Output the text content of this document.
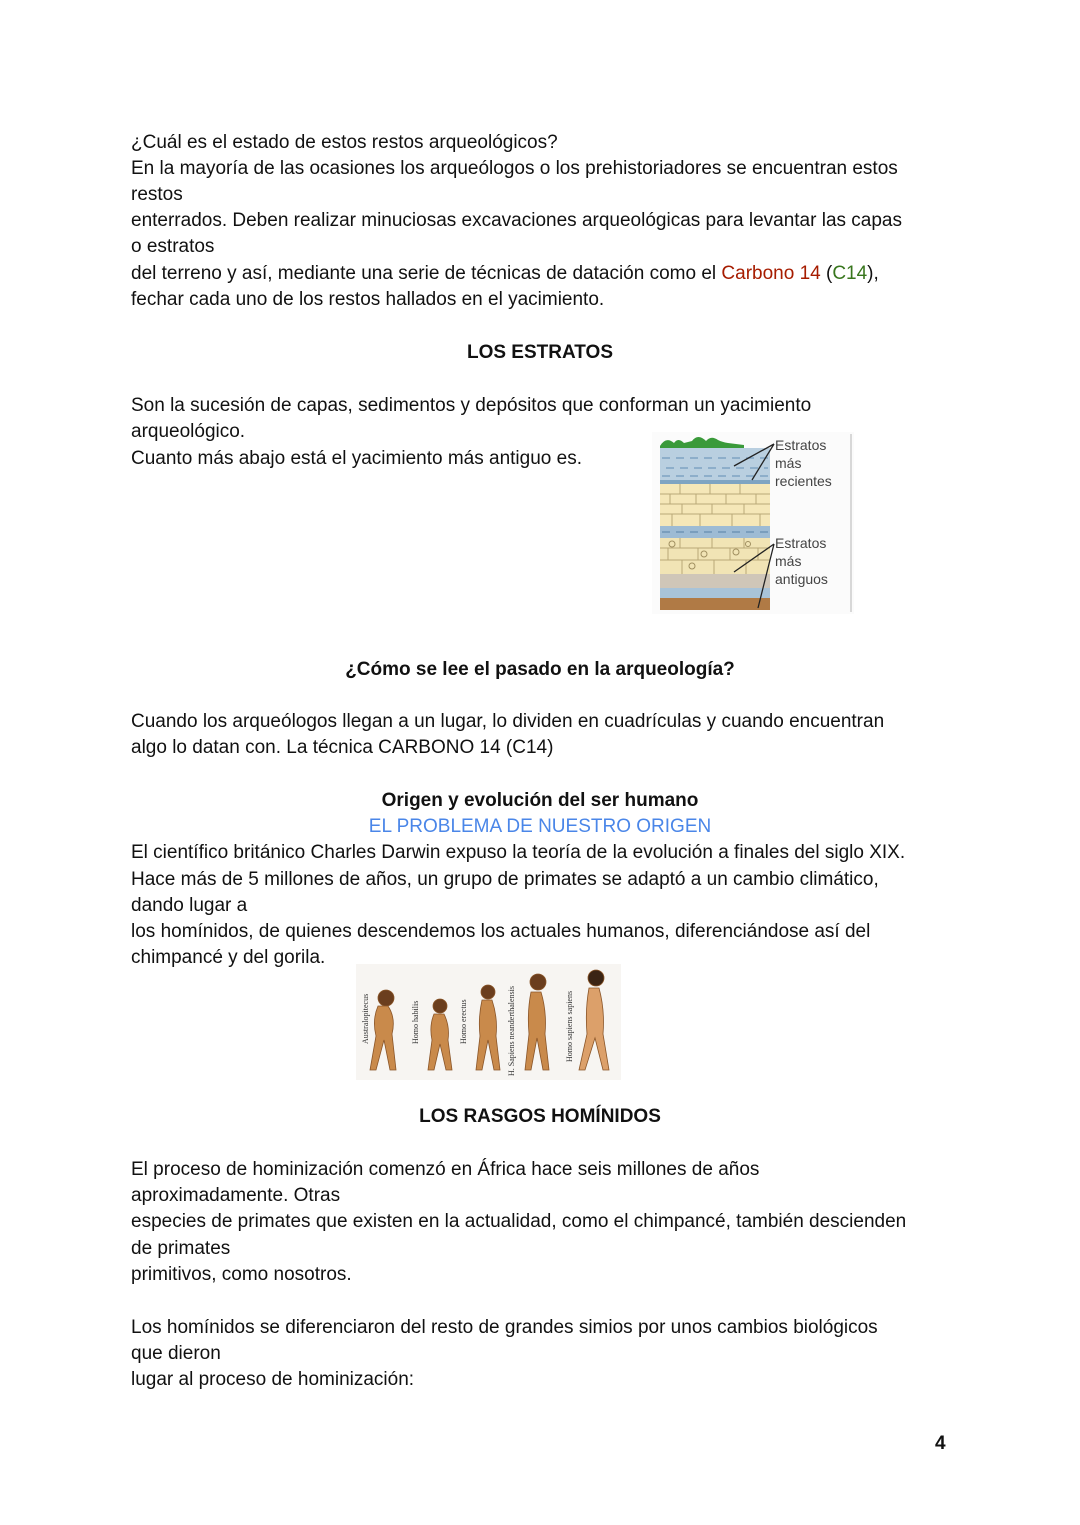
¿Cuál es el estado de estos restos arqueológicos?
En la mayoría de las ocasiones los arqueólogos o los prehistoriadores se encuentran estos
restos
enterrados. Deben realizar minuciosas excavaciones arqueológicas para levantar las capas
o estratos
del terreno y así, mediante una serie de técnicas de datación como el Carbono 14 (C14),
fechar cada uno de los restos hallados en el yacimiento.
LOS ESTRATOS
Son la sucesión de capas, sedimentos y depósitos que conforman un yacimiento
arqueológico.
Cuanto más abajo está el yacimiento más antiguo es.
Estratos
más
recientes
Estratos
más
antiguos
¿Cómo se lee el pasado en la arqueología?
Cuando los arqueólogos llegan a un lugar, lo dividen en cuadrículas y cuando encuentran
algo lo datan con. La técnica CARBONO 14 (C14)
Origen y evolución del ser humano
EL PROBLEMA DE NUESTRO ORIGEN
El científico británico Charles Darwin expuso la teoría de la evolución a finales del siglo XIX.
Hace más de 5 millones de años, un grupo de primates se adaptó a un cambio climático,
dando lugar a
los homínidos, de quienes descendemos los actuales humanos, diferenciándose así del
chimpancé y del gorila.
Australopitecus	Homo habilis	Homo erectus	H. Sapiens neanderthalensis	Homo sapiens sapiens
LOS RASGOS HOMÍNIDOS
El proceso de hominización comenzó en África hace seis millones de años
aproximadamente. Otras
especies de primates que existen en la actualidad, como el chimpancé, también descienden
de primates
primitivos, como nosotros.
Los homínidos se diferenciaron del resto de grandes simios por unos cambios biológicos
que dieron
lugar al proceso de hominización:
4
